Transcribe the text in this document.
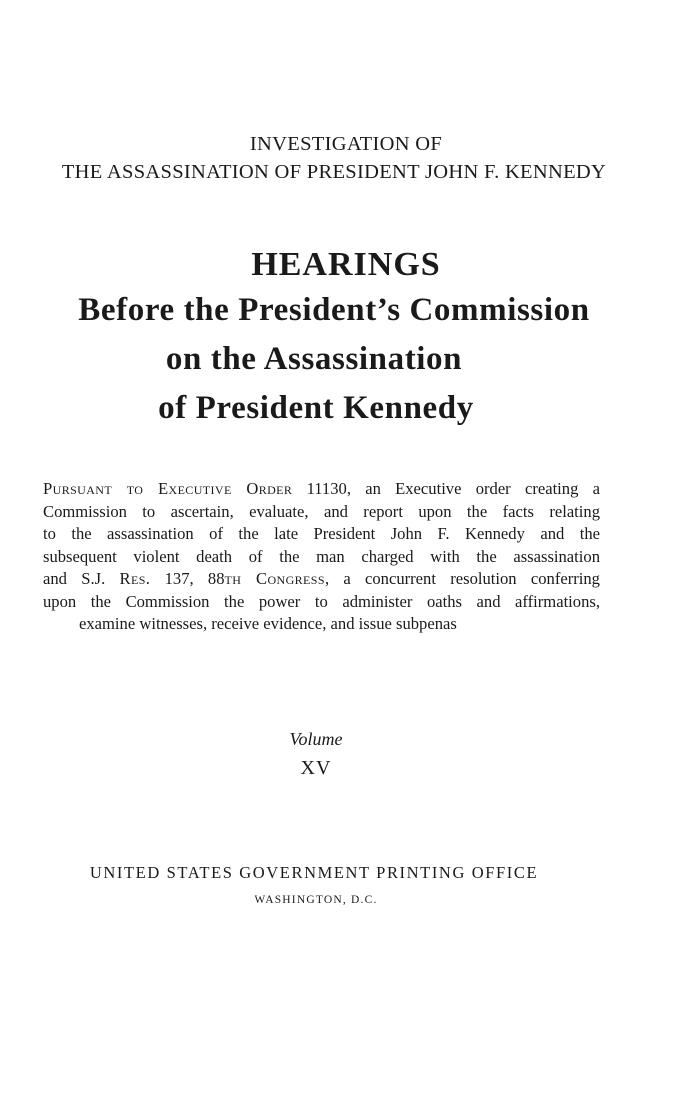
INVESTIGATION OF
THE ASSASSINATION OF PRESIDENT JOHN F. KENNEDY
HEARINGS
Before the President’s Commission
on the Assassination
of President Kennedy
Pursuant to Executive Order 11130, an Executive order creating a
Commission to ascertain, evaluate, and report upon the facts relating
to the assassination of the late President John F. Kennedy and the
subsequent violent death of the man charged with the assassination
and S.J. Res. 137, 88th Congress, a concurrent resolution conferring
upon the Commission the power to administer oaths and affirmations,
examine witnesses, receive evidence, and issue subpenas
Volume
XV
UNITED STATES GOVERNMENT PRINTING OFFICE
WASHINGTON, D.C.
